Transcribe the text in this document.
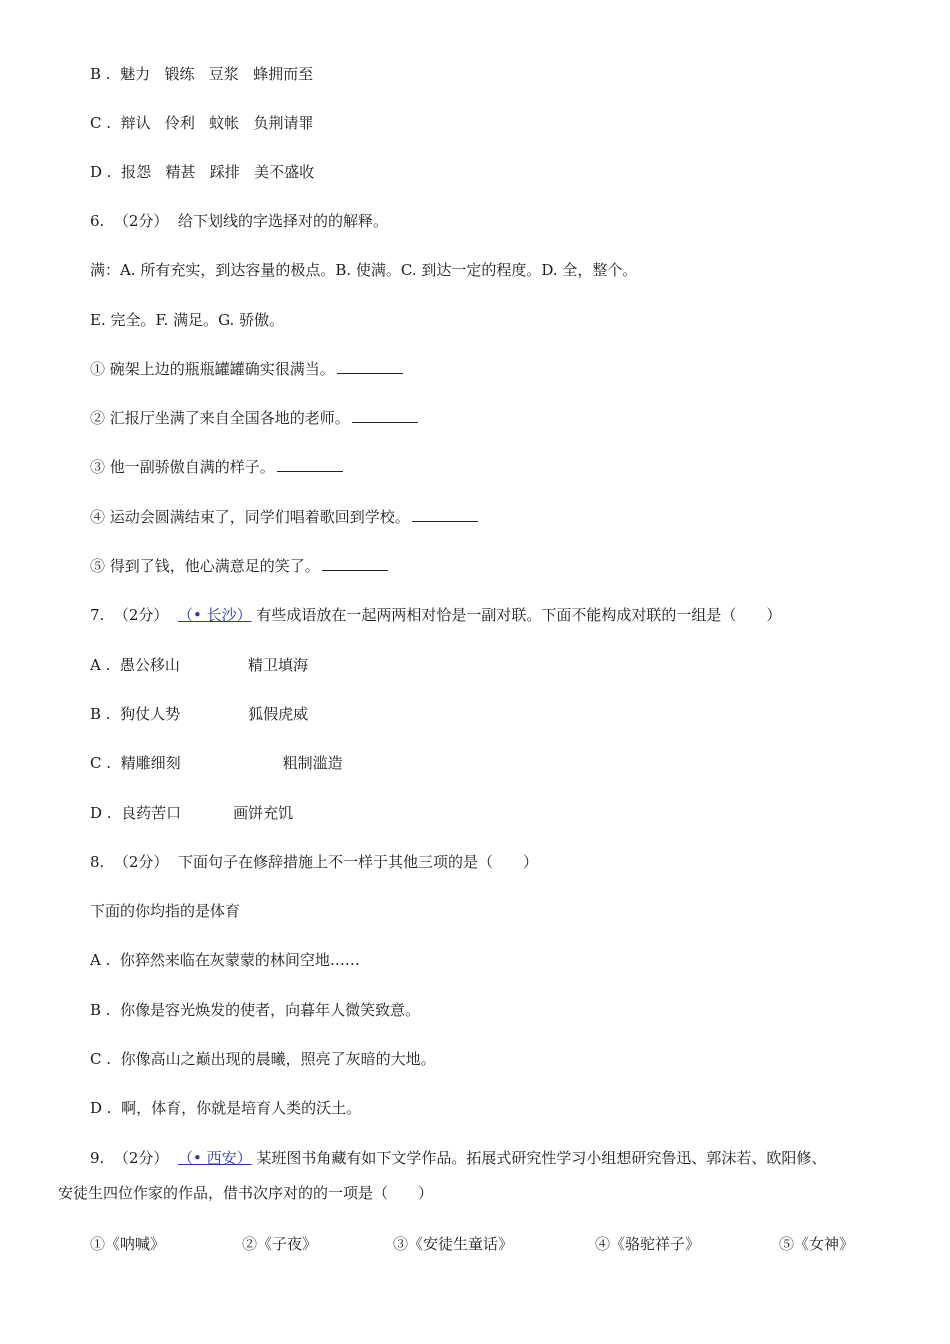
B .  魅力 锻练 豆浆 蜂拥而至
C .  辩认 伶利 蚊帐 负荆请罪
D .  报怨 精甚 踩排 美不盛收
6. （2分） 给下划线的字选择对的的解释。
满：A. 所有充实，到达容量的极点。B. 使满。C. 到达一定的程度。D. 全，整个。
E. 完全。F. 满足。G. 骄傲。
① 碗架上边的瓶瓶罐罐确实很满当。
② 汇报厅坐满了来自全国各地的老师。
③ 他一副骄傲自满的样子。
④ 运动会圆满结束了，同学们唱着歌回到学校。
⑤ 得到了钱，他心满意足的笑了。
7. （2分） （• 长沙） 有些成语放在一起两两相对恰是一副对联。下面不能构成对联的一组是（　　）
A .  愚公移山	精卫填海
B .  狗仗人势	狐假虎威
C .  精雕细刻	粗制滥造
D .  良药苦口	画饼充饥
8. （2分） 下面句子在修辞措施上不一样于其他三项的是（　　）
下面的你均指的是体育
A .  你猝然来临在灰蒙蒙的林间空地……
B .  你像是容光焕发的使者，向暮年人微笑致意。
C .  你像高山之巅出现的晨曦，照亮了灰暗的大地。
D .  啊，体育，你就是培育人类的沃土。
9. （2分） （• 西安） 某班图书角藏有如下文学作品。拓展式研究性学习小组想研究鲁迅、郭沫若、欧阳修、
安徒生四位作家的作品，借书次序对的的一项是（　　）
①《呐喊》	②《子夜》	③《安徒生童话》	④《骆驼祥子》	⑤《女神》
